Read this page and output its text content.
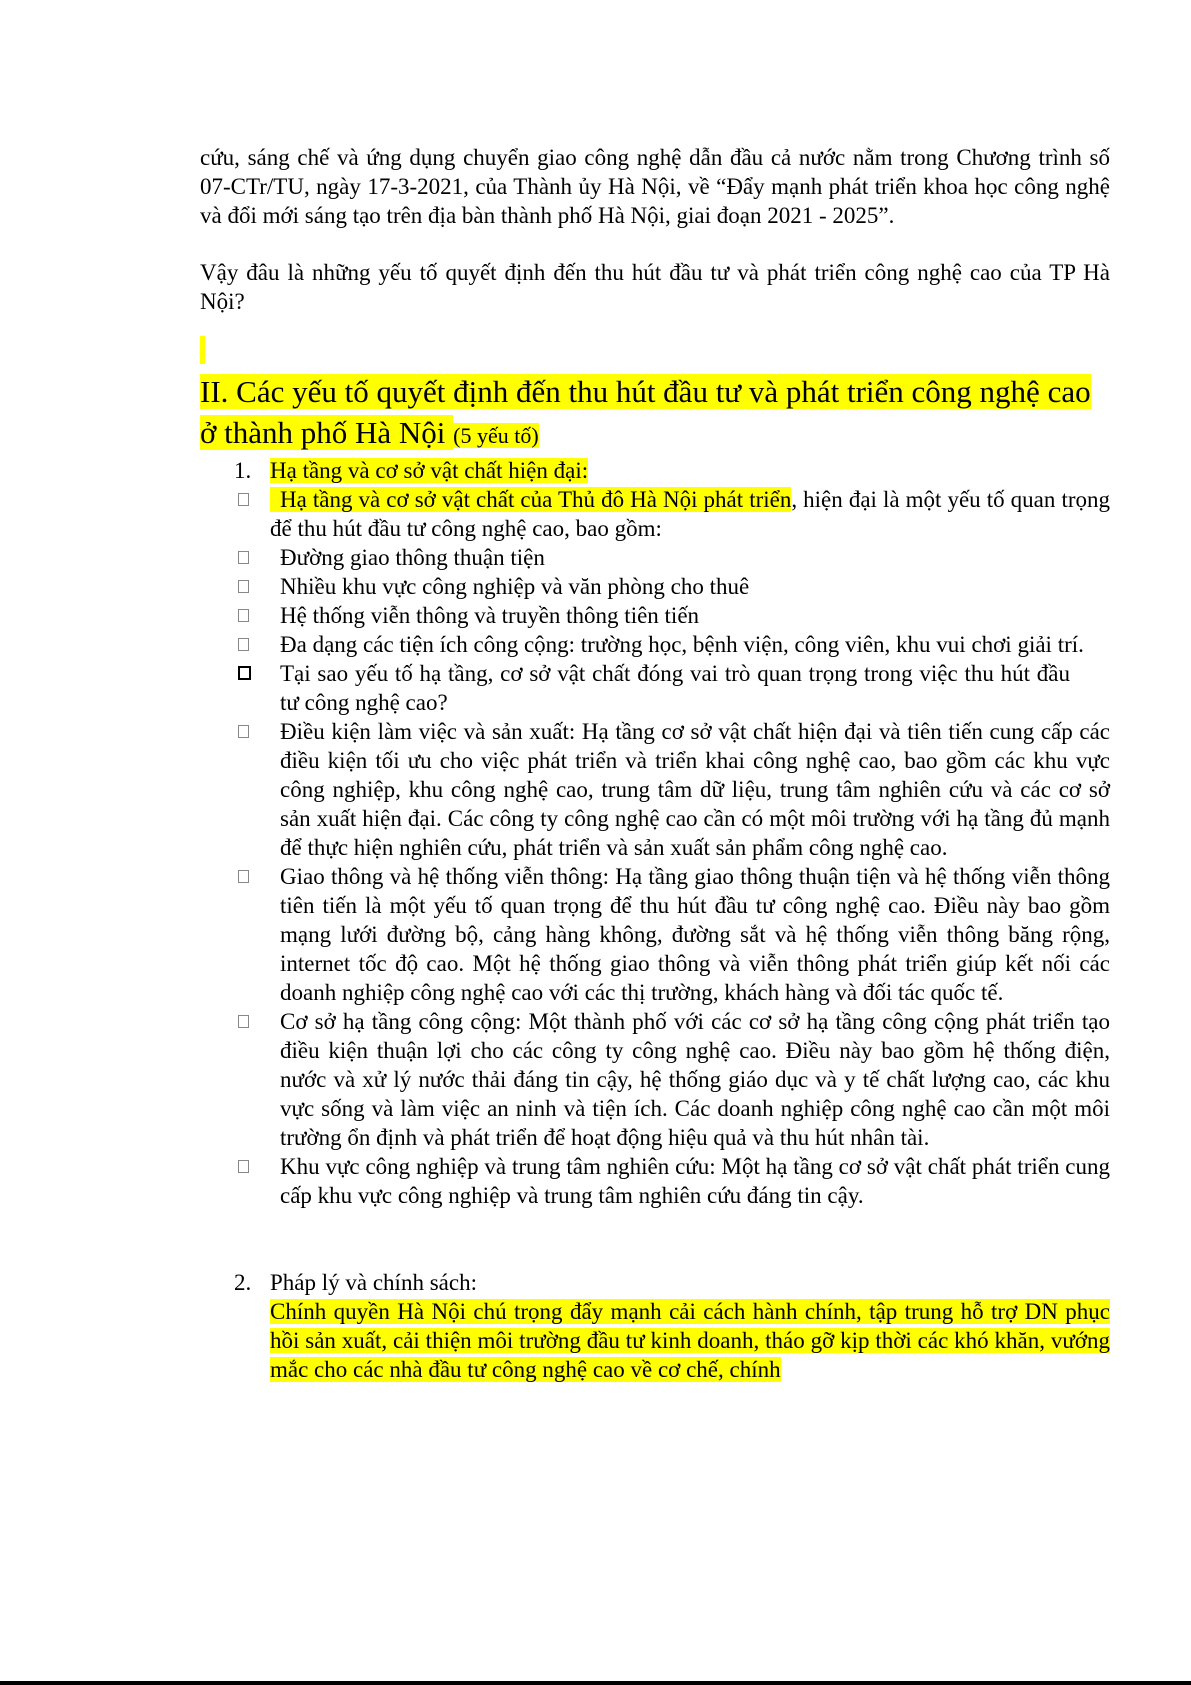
cứu, sáng chế và ứng dụng chuyển giao công nghệ dẫn đầu cả nước nằm trong Chương trình số 07-CTr/TU, ngày 17-3-2021, của Thành ủy Hà Nội, về “Đẩy mạnh phát triển khoa học công nghệ và đổi mới sáng tạo trên địa bàn thành phố Hà Nội, giai đoạn 2021 - 2025”.

Vậy đâu là những yếu tố quyết định đến thu hút đầu tư và phát triển công nghệ cao của TP Hà Nội?

II. Các yếu tố quyết định đến thu hút đầu tư và phát triển công nghệ cao ở thành phố Hà Nội (5 yếu tố)
1. Hạ tầng và cơ sở vật chất hiện đại:
Hạ tầng và cơ sở vật chất của Thủ đô Hà Nội phát triển, hiện đại là một yếu tố quan trọng để thu hút đầu tư công nghệ cao, bao gồm:
Đường giao thông thuận tiện
Nhiều khu vực công nghiệp và văn phòng cho thuê
Hệ thống viễn thông và truyền thông tiên tiến
Đa dạng các tiện ích công cộng: trường học, bệnh viện, công viên, khu vui chơi giải trí.
Tại sao yếu tố hạ tầng, cơ sở vật chất đóng vai trò quan trọng trong việc thu hút đầu tư công nghệ cao?
Điều kiện làm việc và sản xuất: Hạ tầng cơ sở vật chất hiện đại và tiên tiến cung cấp các điều kiện tối ưu cho việc phát triển và triển khai công nghệ cao, bao gồm các khu vực công nghiệp, khu công nghệ cao, trung tâm dữ liệu, trung tâm nghiên cứu và các cơ sở sản xuất hiện đại. Các công ty công nghệ cao cần có một môi trường với hạ tầng đủ mạnh để thực hiện nghiên cứu, phát triển và sản xuất sản phẩm công nghệ cao.
Giao thông và hệ thống viễn thông: Hạ tầng giao thông thuận tiện và hệ thống viễn thông tiên tiến là một yếu tố quan trọng để thu hút đầu tư công nghệ cao. Điều này bao gồm mạng lưới đường bộ, cảng hàng không, đường sắt và hệ thống viễn thông băng rộng, internet tốc độ cao. Một hệ thống giao thông và viễn thông phát triển giúp kết nối các doanh nghiệp công nghệ cao với các thị trường, khách hàng và đối tác quốc tế.
Cơ sở hạ tầng công cộng: Một thành phố với các cơ sở hạ tầng công cộng phát triển tạo điều kiện thuận lợi cho các công ty công nghệ cao. Điều này bao gồm hệ thống điện, nước và xử lý nước thải đáng tin cậy, hệ thống giáo dục và y tế chất lượng cao, các khu vực sống và làm việc an ninh và tiện ích. Các doanh nghiệp công nghệ cao cần một môi trường ổn định và phát triển để hoạt động hiệu quả và thu hút nhân tài.
Khu vực công nghiệp và trung tâm nghiên cứu: Một hạ tầng cơ sở vật chất phát triển cung cấp khu vực công nghiệp và trung tâm nghiên cứu đáng tin cậy.
2. Pháp lý và chính sách:

Chính quyền Hà Nội chú trọng đẩy mạnh cải cách hành chính, tập trung hỗ trợ DN phục hồi sản xuất, cải thiện môi trường đầu tư kinh doanh, tháo gỡ kịp thời các khó khăn, vướng mắc cho các nhà đầu tư công nghệ cao về cơ chế, chính
